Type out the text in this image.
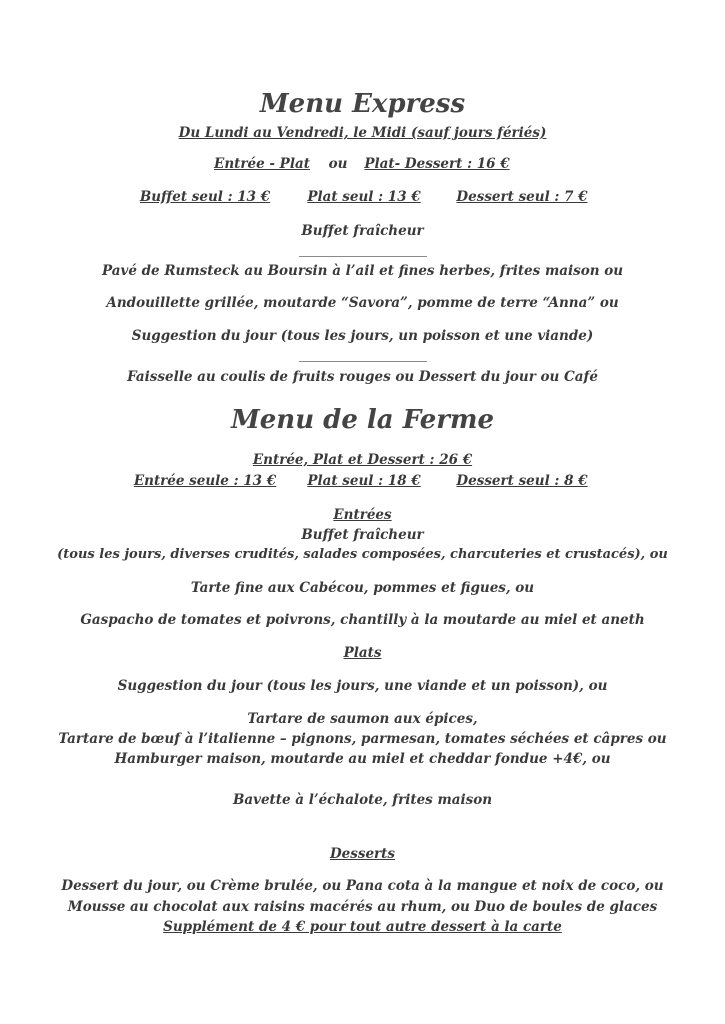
Menu Express
Du Lundi au Vendredi, le Midi (sauf jours fériés)
Entrée - Plat ou Plat- Dessert : 16 €
Buffet seul : 13 €	Plat seul : 13 €	Dessert seul : 7 €
Buffet fraîcheur
Pavé de Rumsteck au Boursin à l’ail et fines herbes, frites maison ou
Andouillette grillée, moutarde “Savora”, pomme de terre “Anna” ou
Suggestion du jour (tous les jours, un poisson et une viande)
Faisselle au coulis de fruits rouges ou Dessert du jour ou Café
Menu de la Ferme
Entrée, Plat et Dessert : 26 €
Entrée seule : 13 € Plat seul : 18 €	Dessert seul : 8 €
Entrées
Buffet fraîcheur
(tous les jours, diverses crudités, salades composées, charcuteries et crustacés), ou
Tarte fine aux Cabécou, pommes et figues, ou
Gaspacho de tomates et poivrons, chantilly à la moutarde au miel et aneth
Plats
Suggestion du jour (tous les jours, une viande et un poisson), ou
Tartare de saumon aux épices,
Tartare de bœuf à l’italienne – pignons, parmesan, tomates séchées et câpres ou
Hamburger maison, moutarde au miel et cheddar fondue +4€, ou
Bavette à l’échalote, frites maison
Desserts
Dessert du jour, ou Crème brulée, ou Pana cota à la mangue et noix de coco, ou
Mousse au chocolat aux raisins macérés au rhum, ou Duo de boules de glaces
Supplément de 4 € pour tout autre dessert à la carte
